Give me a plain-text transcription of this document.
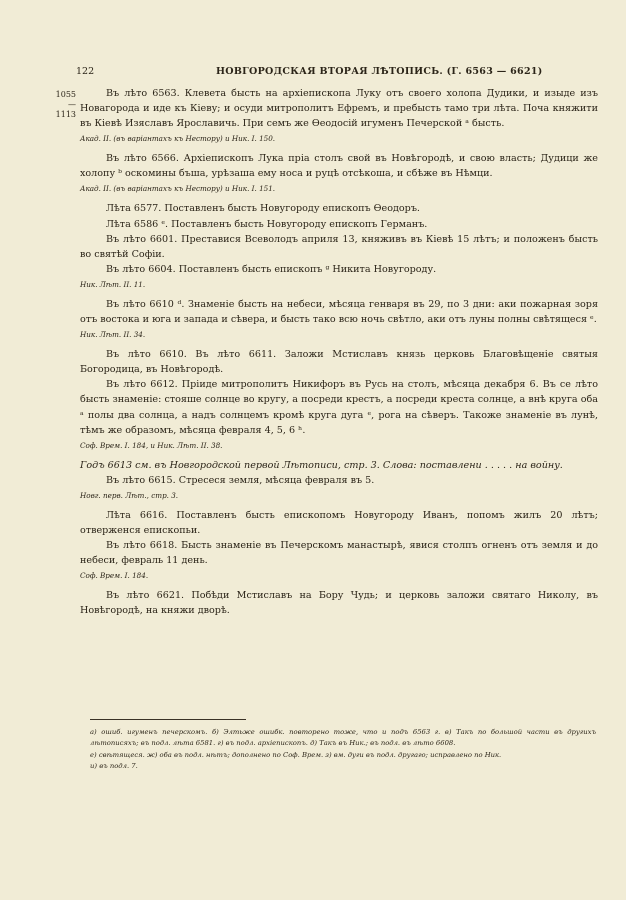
122	НОВГОРОДСКАЯ ВТОРАЯ ЛѢТОПИСЬ. (Г. 6563 — 6621)
1055
—1113

Въ лѣто 6563. Клевета бысть на архіепископа Луку отъ своего холопа Дудики, и изыде изъ Новагорода и иде къ Кіеву; и осуди митрополитъ Ефремъ, и пребысть тамо три лѣта. Поча княжити въ Кіевѣ Изяславъ Ярославичь. При семъ же Өеодосій игуменъ Печерской ᵃ бысть.

Акад. II. (въ варіантахъ къ Нестору) и Ник. I. 150.

Въ лѣто 6566. Архіепископъ Лука пріа столъ свой въ Новѣгородѣ, и свою власть; Дудици же холопу ᵇ оскомины бъша, урѣзаша ему носа и руцѣ отсѣкоша, и сбѣже въ Нѣмци.

Акад. II. (въ варіантахъ къ Нестору) и Ник. I. 151.

Лѣта 6577. Поставленъ бысть Новугороду епископъ Өеодоръ.

Лѣта 6586 ᵉ. Поставленъ бысть Новугороду епископъ Германъ.

Въ лѣто 6601. Преставися Всеволодъ априля 13, княживъ въ Кіевѣ 15 лѣтъ; и положенъ бысть во святѣй Софіи.

Въ лѣто 6604. Поставленъ бысть епископъ ᵍ Никита Новугороду.

Ник. Лѣт. II. 11.

Въ лѣто 6610 ᵈ. Знаменіе бысть на небеси, мѣсяца генваря въ 29, по 3 дни: аки пожарная зоря отъ востока и юга и запада и сѣвера, и бысть тако всю ночь свѣтло, аки отъ луны полны свѣтящеся ᵉ.

Ник. Лѣт. II. 34.

Въ лѣто 6610. Въ лѣто 6611. Заложи Мстиславъ князь церковь Благовѣщеніе святыя Богородица, въ Новѣгородѣ.

Въ лѣто 6612. Пріиде митрополитъ Никифоръ въ Русь на столъ, мѣсяца декабря 6. Въ се лѣто бысть знаменіе: стояше солнце во кругу, а посреди крестъ, а посреди креста солнце, а внѣ круга оба ᵃ полы два солнца, а надъ солнцемъ кромѣ круга дуга ᵉ, рога на сѣверъ. Такоже знаменіе въ лунѣ, тѣмъ же образомъ, мѣсяца февраля 4, 5, 6 ʰ.

Соф. Врем. I. 184, и Ник. Лѣт. II. 38.

Годъ 6613 см. въ Новгородской первой Лѣтописи, стр. 3. Слова: поставлени . . . . . на войну.

Въ лѣто 6615. Стресеся земля, мѣсяца февраля въ 5.

Новг. перв. Лѣт., стр. 3.

Лѣта 6616. Поставленъ бысть епископомъ Новугороду Иванъ, попомъ жилъ 20 лѣтъ; отверженся епископьи.

Въ лѣто 6618. Бысть знаменіе въ Печерскомъ манастырѣ, явися столпъ огненъ отъ земля и до небеси, февраль 11 день.

Соф. Врем. I. 184.

Въ лѣто 6621. Побѣди Мстиславъ на Бору Чудь; и церковь заложи святаго Николу, въ Новѣгородѣ, на княжи дворѣ.

а) ошиб. игуменъ печерскомъ. б) Элтьже ошибк. повторено тоже, что и подъ 6563 г. в) Такъ по большой части въ другихъ лѣтописяхъ; въ подл. лѣта 6581. г) въ подл. архіепископъ. д) Такъ въ Ник.; въ подл. въ лѣто 6608.

е) свѣтящеся. ж) оба въ подл. нѣтъ; дополнено по Соф. Врем. з) вм. дуги въ подл. другаго; исправлено по Ник.

и) въ подл. 7.
